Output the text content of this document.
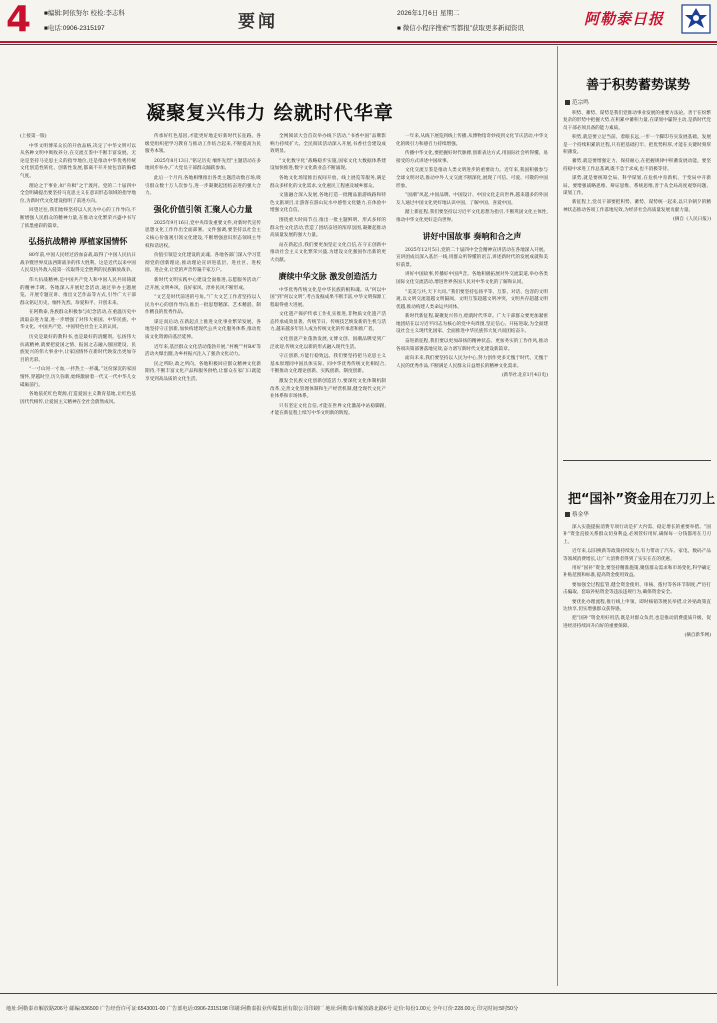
4 ■编辑:阿依努尔 校检:李志科
■电话:0906-2315197	要闻	2026年1月6日 星期二
■ 微信小程序搜索“雪都报”获取更多新闻资讯
阿勒泰日报
凝聚复兴伟力 绘就时代华章

(上接第一版)

中华文明博采众长的开放品格,决定了中华文明可以从各种文明中吸收养分,在交流互鉴中不断丰富发展。无论是坚持马克思主义的指导地位,还是推动中华优秀传统文化创造性转化、创新性发展,都离不开开放包容的胸襟气度。

理论之于事业,如“舟楫”之于渡河。党的二十届四中全会明确提出要坚持马克思主义在意识形态领域的指导地位,为新时代文化建设指明了前进方向。

回望过往,我们始终坚持以人民为中心的工作导向,不断增强人民群众的精神力量,在推动文化繁荣兴盛中书写了浓墨重彩的篇章。

弘扬抗战精神 厚植家国情怀

80年前,中国人民经过浴血奋战,取得了中国人民抗日战争暨世界反法西斯战争的伟大胜利。这是近代以来中国人民反抗外敌入侵第一次取得完全胜利的民族解放战争。

伟大抗战精神,是中国共产党人和中国人民共同铸就的精神丰碑。各地深入开展纪念活动,通过举办主题展览、开展专题宣讲、推出文艺作品等方式,引导广大干部群众铭记历史、缅怀先烈、珍爱和平、开创未来。

在阿勒泰,各族群众积极参与纪念活动,在重温历史中汲取奋进力量,进一步增强了对伟大祖国、中华民族、中华文化、中国共产党、中国特色社会主义的认同。

历史是最好的教科书,也是最好的清醒剂。弘扬伟大抗战精神,就要把爱国之情、报国之志融入强国建设、民族复兴的伟大事业中,让家国情怀在新时代焕发出更加夺目的光彩。

“一寸山河一寸血,一抔热土一抔魂。”这份深沉的家国情怀,穿越时空,历久弥新,始终激励着一代又一代中华儿女砥砺前行。

各地依托红色资源,打造爱国主义教育基地,让红色基因代代相传,让爱国主义精神在全社会蔚然成风。

传承好红色基因,才能更好地走好新时代长征路。各级党组织把学习教育与推动工作结合起来,不断提高为民服务本领。

2025年8月13日,“铭记历史 缅怀先烈”主题活动在多地同步举办,广大党员干部群众踊跃参加。

此后一个月内,各地相继推出各类主题活动数百场,吸引群众数十万人次参与,进一步凝聚起团结奋进的强大合力。

强化价值引领 汇聚人心力量

2025年9月16日,党中央印发重要文件,对新时代宣传思想文化工作作出全面部署。文件强调,要坚持以社会主义核心价值观引领文化建设,不断增强意识形态领域主导权和话语权。

价值引领是文化建设的灵魂。各地各部门深入学习贯彻党的创新理论,推动理论宣讲进基层、进社区、进校园、进企业,让党的声音传遍千家万户。

新时代文明实践中心建设全面推进,志愿服务活动广泛开展,文明乡风、良好家风、淳朴民风不断形成。

“文艺是时代前进的号角。”广大文艺工作者坚持以人民为中心的创作导向,推出一批思想精深、艺术精湛、制作精良的优秀作品。

谋定而后动,在新起点上推进文化事业繁荣发展。各地坚持守正创新,加快构建现代公共文化服务体系,推动优质文化资源向基层延伸。

近年来,基层群众文化活动蓬勃开展,“村晚”“村BA”等活动火爆出圈,为乡村振兴注入了强劲文化动力。

民之所盼,政之所向。各地积极回应群众精神文化新期待,不断丰富文化产品和服务供给,让群众在家门口就能享受到高品质的文化生活。

全网阅读大会首次举办线下活动,“书香中国”品牌影响力持续扩大。全民阅读活动深入开展,书香社会建设成效明显。

“文化数字化”战略稳步实施,国家文化大数据体系建设加快推进,数字文化新业态不断涌现。

各地文化场馆推出夜间开放、线上展览等服务,满足群众多样化的文化需求,文化惠民工程惠及城乡群众。

文旅融合深入发展,各地打造一批精品旅游线路和特色文旅项目,让游客在游山玩水中感悟文化魅力,在体验中增强文化自信。

围绕重大时间节点,推出一批主题鲜明、形式多样的群众性文化活动,营造了团结奋进的浓厚氛围,凝聚起推动高质量发展的强大力量。

站在新起点,我们要更加坚定文化自信,在守正创新中推动社会主义文化繁荣兴盛,为建设文化强国作出新的更大贡献。

赓续中华文脉 激发创造活力

中华优秀传统文化是中华民族的根和魂。从“何以中国”到“何以文明”,考古发掘成果不断丰富,中华文明探源工程取得重大进展。

文化遗产保护传承工作扎实推进,非物质文化遗产活态传承成效显著。传统节日、传统技艺焕发新的生机与活力,越来越多年轻人成为传统文化的传承者和推广者。

文化创意产业蓬勃发展,文博文创、国潮品牌受到广泛欢迎,传统文化以新的形式融入现代生活。

守正创新,方能行稳致远。我们要坚持把马克思主义基本原理同中国具体实际、同中华优秀传统文化相结合,不断推动文化理论创新、实践创新、制度创新。

激发全民族文化创新创造活力,要深化文化体制机制改革,完善文化管理体制和生产经营机制,健全现代文化产业体系和市场体系。

只有坚定文化自信,才能在世界文化激荡中站稳脚跟,才能在新征程上续写中华文明新的辉煌。

一年来,从线下展览到线上传播,从博物馆奇妙夜到文化节庆活动,中华文化的吸引力和感召力持续增强。

传播中华文化,要把握好时代脉搏,创新表达方式,用国际社会听得懂、易接受的方式讲述中国故事。

文化交流互鉴是推动人类文明进步的重要动力。近年来,我国积极参与全球文明对话,推动中外人文交流不断深化,展现了可信、可爱、可敬的中国形象。

“国潮”风起,中国品牌、中国设计、中国文化走向世界,越来越多的外国友人通过中国文化更好地认识中国、了解中国、喜爱中国。

踏上新征程,我们要坚持以习近平文化思想为指引,不断巩固文化主体性,推动中华文化更好走向世界。

讲好中国故事 奏响和合之声

2025年12月5日,党的二十届四中全会精神宣讲活动在各地深入开展。宣讲团成员深入基层一线,用群众听得懂的语言,讲述新时代的发展成就和美好前景。

讲好中国故事,传播好中国声音。各地积极拓展对外交流渠道,举办各类国际文化交流活动,增进世界各国人民对中华文化的了解和认同。

“美美与共,天下大同。”我们要坚持弘扬平等、互鉴、对话、包容的文明观,以文明交流超越文明隔阂、文明互鉴超越文明冲突、文明共存超越文明优越,推动构建人类命运共同体。

新时代新征程,凝聚复兴伟力,绘就时代华章。广大干部群众要更加紧密地团结在以习近平同志为核心的党中央周围,坚定信心、开拓进取,为全面建设社会主义现代化国家、全面推进中华民族伟大复兴而团结奋斗。

奋进新征程,我们要以更加昂扬的精神状态、更加务实的工作作风,推动各项决策部署落地见效,奋力谱写新时代文化建设新篇章。

面向未来,我们要坚持以人民为中心,努力创作更多无愧于时代、无愧于人民的优秀作品,不断满足人民群众日益增长的精神文化需求。

(新华社北京1月4日电)

善于积势蓄势谋势
范宗鸣

积势、蓄势、谋势是我们党推动事业发展的重要方法论。善于在纷繁复杂的形势中把握大势,在积累中蓄积力量,在谋划中赢得主动,是新时代党员干部必须具备的能力素质。

积势,就是要立足当前、着眼长远,一步一个脚印夯实发展基础。发展是一个持续积累的过程,只有把基础打牢、把优势积厚,才能在关键时刻厚积薄发。

蓄势,就是要增强定力、保持耐心,在把握规律中积蓄发展动能。要坚持稳中求进工作总基调,既不急于求成,也不消极等待。

谋势,就是要统筹全局、科学谋划,在危机中育新机、于变局中开新局。要增强战略思维、辩证思维、系统思维,善于从全局高度观察问题、谋划工作。

新征程上,党员干部要把积势、蓄势、谋势统一起来,以只争朝夕的精神状态推动各项工作落地见效,为经济社会高质量发展贡献力量。

(摘自《人民日报》)

把“国补”资金用在刀刃上
蔡金华

深入实施提振消费专项行动是扩大内需、稳定增长的重要举措。“国补”资金直接关系群众切身利益,必须管好用好,确保每一分钱都用在刀刃上。

近年来,以旧换新等政策持续发力,有力带动了汽车、家电、数码产品等领域消费增长,让广大消费者得到了实实在在的优惠。

用好“国补”资金,要坚持精准施策,聚焦群众需求和市场变化,科学确定补贴范围和标准,提高资金使用效益。

要加强全过程监管,健全资金使用、审核、拨付等各环节制度,严厉打击骗取、套取补贴资金等违法违规行为,确保资金安全。

要优化办理流程,推行线上申领、即时核销等便民举措,让补贴政策直达快享,切实增强群众获得感。

把“国补”资金用好用活,既是对群众负责,也是推动消费提质升级、促进经济持续回升向好的重要保障。

(摘自新华网)

地址:阿勒泰市解放路206号 邮编:836500 广告经营许可证:6543001-00 广告部电话:0906-2315198 印刷:阿勒泰报业传媒集团有限公司印刷厂 地址:阿勒泰市解放路北路6号 定价:每份1.00元 全年订价:228.00元 印完时间:5时50分
